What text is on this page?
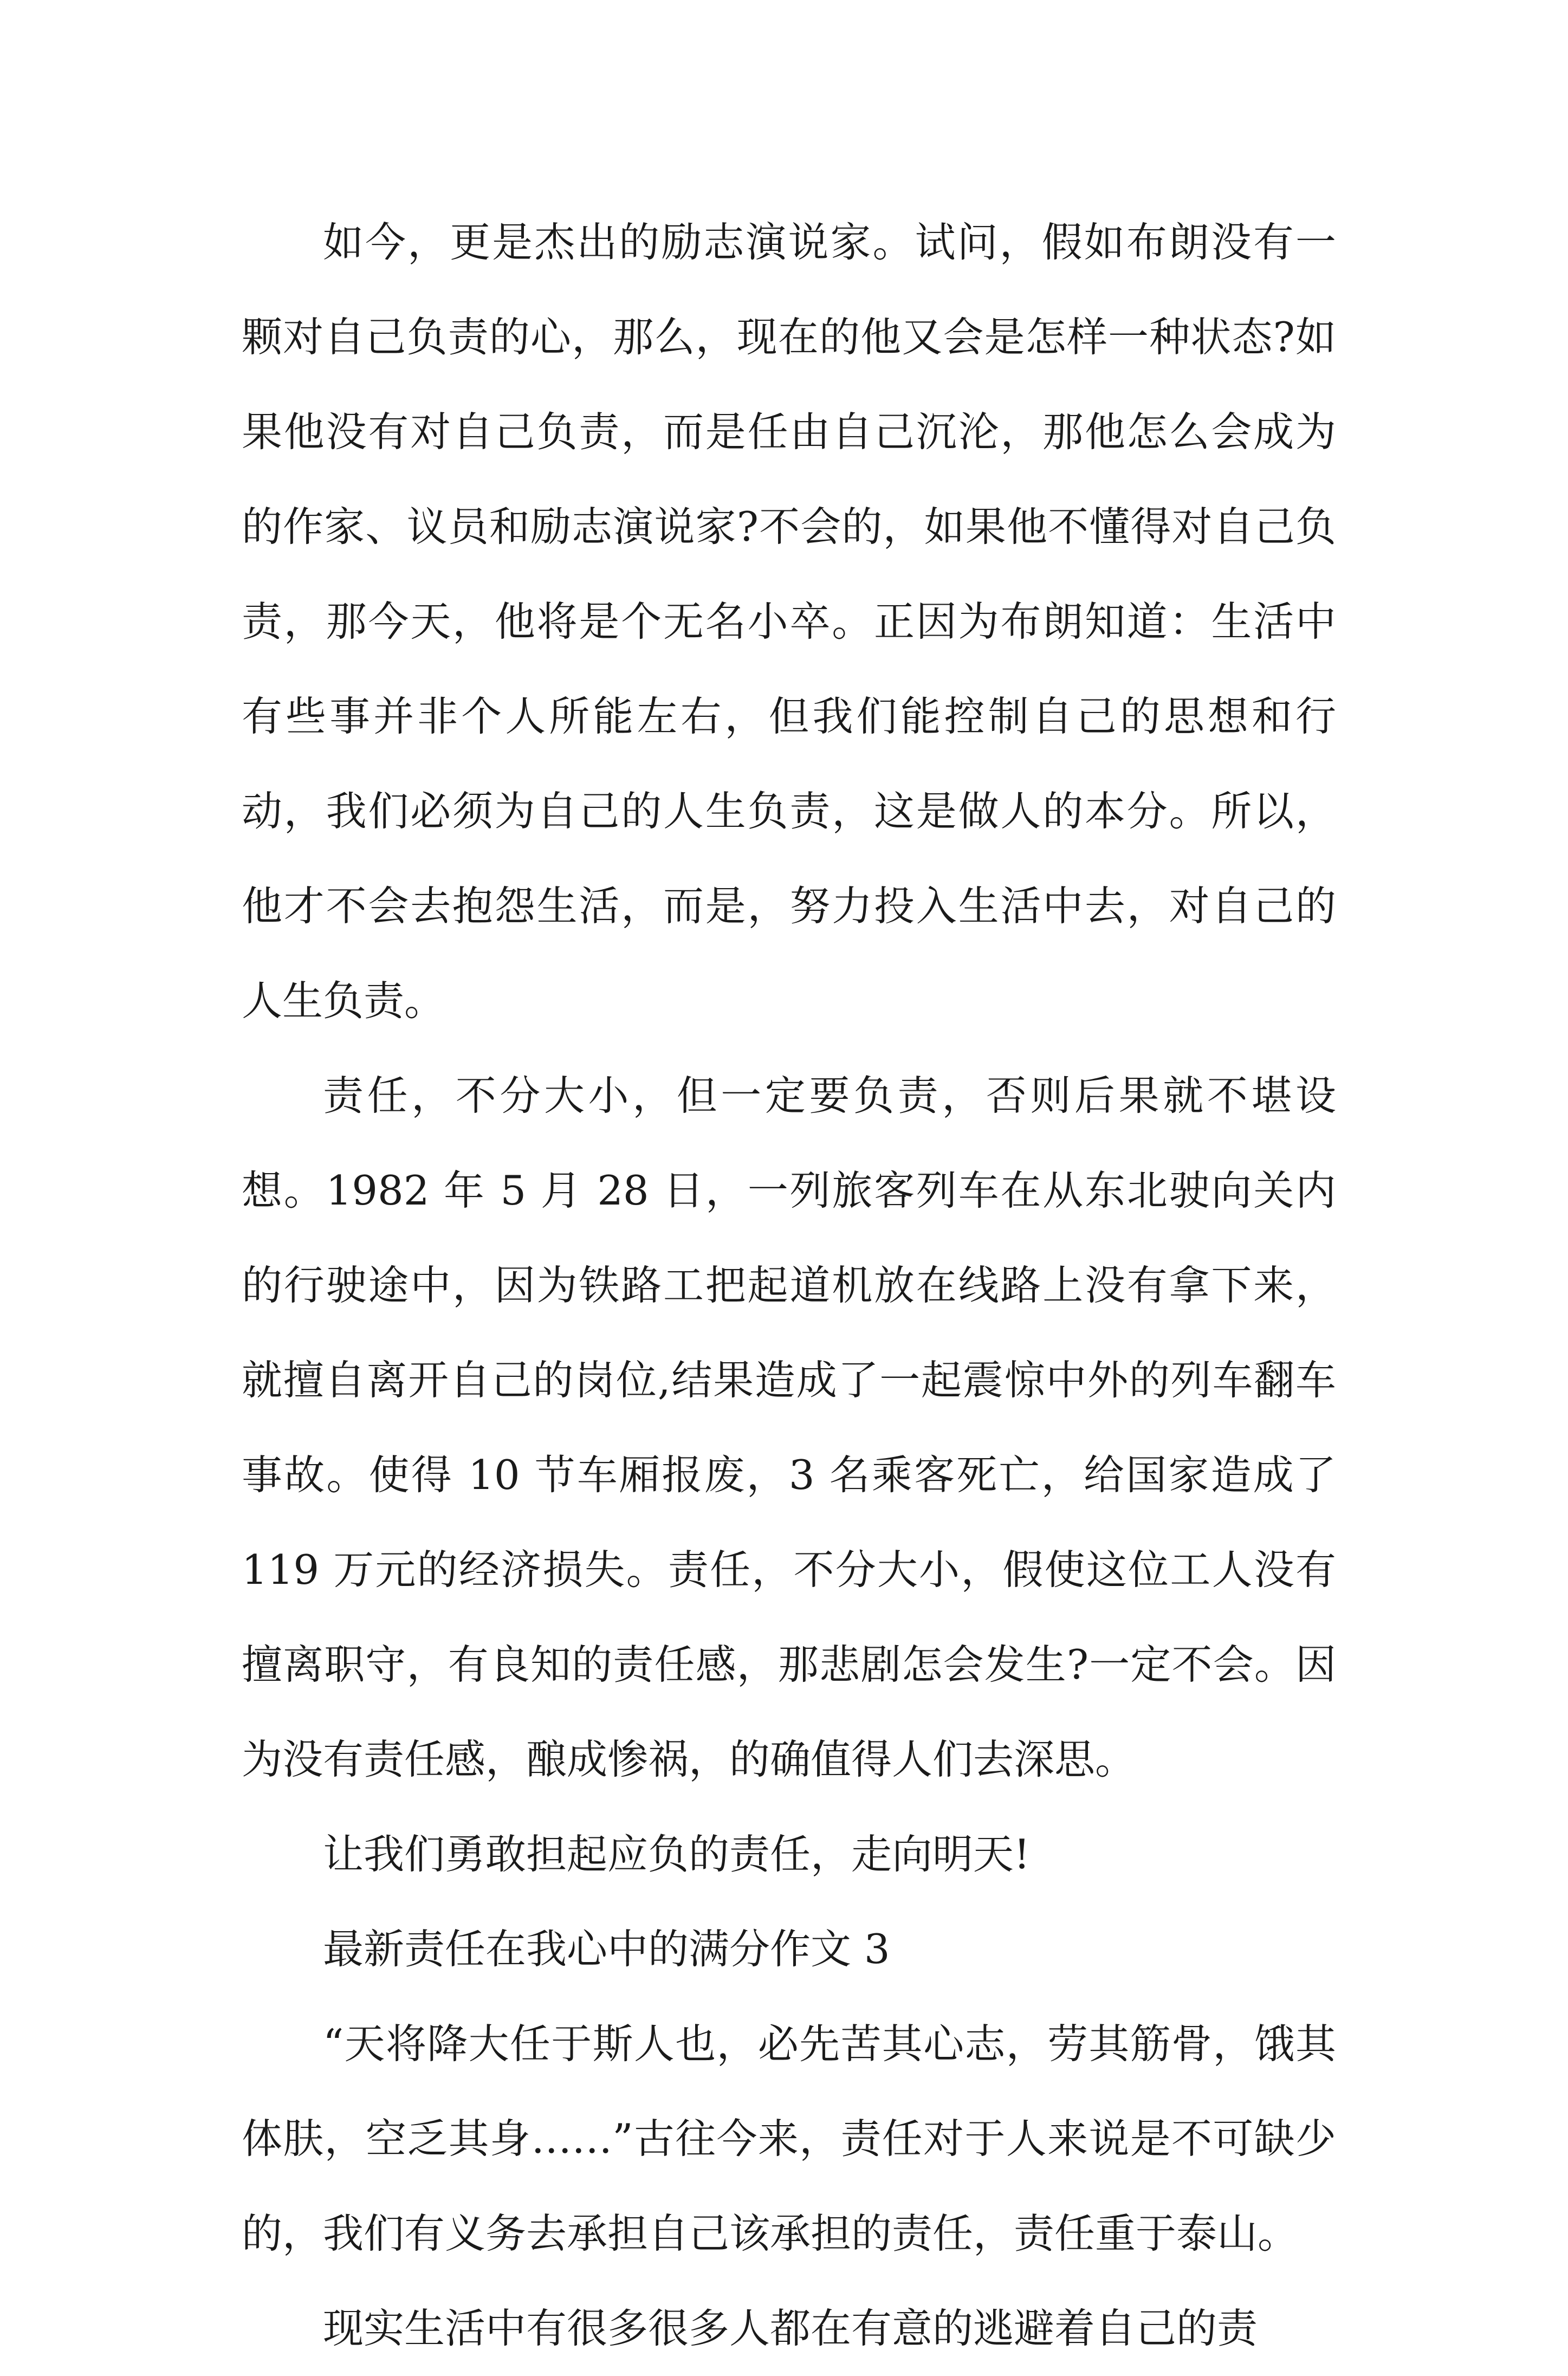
如今，更是杰出的励志演说家。试问，假如布朗没有一颗对自己负责的心，那么，现在的他又会是怎样一种状态?如果他没有对自己负责，而是任由自己沉沦，那他怎么会成为的作家、议员和励志演说家?不会的，如果他不懂得对自己负责，那今天，他将是个无名小卒。正因为布朗知道：生活中有些事并非个人所能左右，但我们能控制自己的思想和行动，我们必须为自己的人生负责，这是做人的本分。所以，他才不会去抱怨生活，而是，努力投入生活中去，对自己的人生负责。

责任，不分大小，但一定要负责，否则后果就不堪设想。1982 年 5 月 28 日，一列旅客列车在从东北驶向关内的行驶途中，因为铁路工把起道机放在线路上没有拿下来，就擅自离开自己的岗位,结果造成了一起震惊中外的列车翻车事故。使得 10 节车厢报废，3 名乘客死亡，给国家造成了 119 万元的经济损失。责任，不分大小，假使这位工人没有擅离职守，有良知的责任感，那悲剧怎会发生?一定不会。因为没有责任感，酿成惨祸，的确值得人们去深思。

让我们勇敢担起应负的责任，走向明天!

最新责任在我心中的满分作文 3

“天将降大任于斯人也，必先苦其心志，劳其筋骨，饿其体肤，空乏其身……”古往今来，责任对于人来说是不可缺少的，我们有义务去承担自己该承担的责任，责任重于泰山。

现实生活中有很多很多人都在有意的逃避着自己的责
